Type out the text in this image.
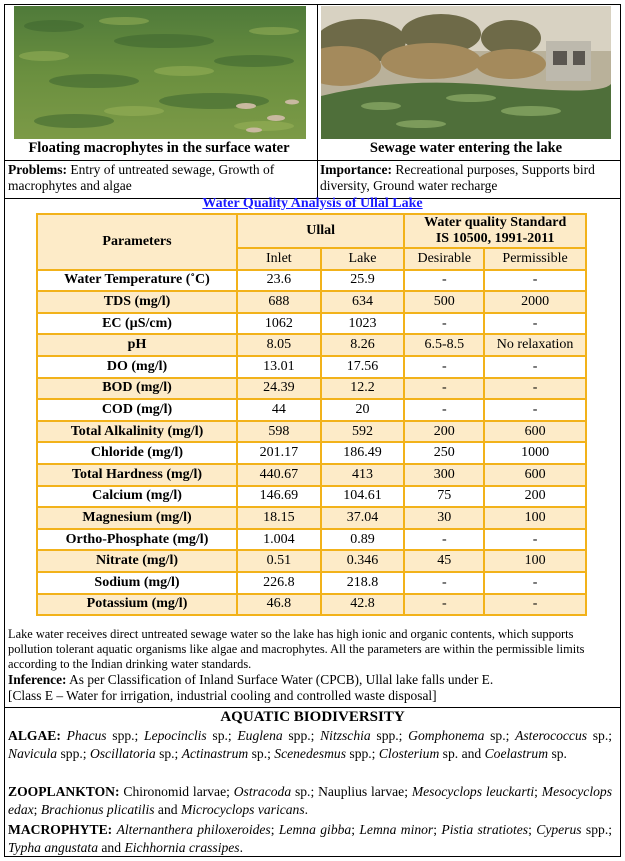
Floating macrophytes in the surface water	Sewage water entering the lake
Problems: Entry of untreated sewage, Growth of macrophytes and algae
Importance: Recreational purposes, Supports bird diversity, Ground water recharge
Water Quality Analysis of Ullal Lake
Parameters	Ullal		Water quality Standard
IS 10500, 1991-2011	

	Inlet	Lake	Desirable	Permissible
Water Temperature (˚C)	23.6	25.9	-	-
TDS (mg/l)	688	634	500	2000
EC (µS/cm)	1062	1023	-	-
pH	8.05	8.26	6.5-8.5	No relaxation
DO (mg/l)	13.01	17.56	-	-
BOD (mg/l)	24.39	12.2	-	-
COD (mg/l)	44	20	-	-
Total Alkalinity (mg/l)	598	592	200	600
Chloride (mg/l)	201.17	186.49	250	1000
Total Hardness (mg/l)	440.67	413	300	600
Calcium (mg/l)	146.69	104.61	75	200
Magnesium (mg/l)	18.15	37.04	30	100
Ortho-Phosphate (mg/l)	1.004	0.89	-	-
Nitrate (mg/l)	0.51	0.346	45	100
Sodium (mg/l)	226.8	218.8	-	-
Potassium (mg/l)	46.8	42.8	-	-
Lake water receives direct untreated sewage water so the lake has high ionic and organic contents, which supports pollution tolerant aquatic organisms like algae and macrophytes. All the parameters are within the permissible limits according to the Indian drinking water standards.
Inference: As per Classification of Inland Surface Water (CPCB), Ullal lake falls under E.
[Class E – Water for irrigation, industrial cooling and controlled waste disposal]
AQUATIC BIODIVERSITY
ALGAE: Phacus spp.; Lepocinclis sp.; Euglena spp.; Nitzschia spp.; Gomphonema sp.; Asterococcus sp.; Navicula spp.; Oscillatoria sp.; Actinastrum sp.; Scenedesmus spp.; Closterium sp. and Coelastrum sp.
ZOOPLANKTON: Chironomid larvae; Ostracoda sp.; Nauplius larvae; Mesocyclops leuckarti; Mesocyclops edax; Brachionus plicatilis and Microcyclops varicans.
MACROPHYTE: Alternanthera philoxeroides; Lemna gibba; Lemna minor; Pistia stratiotes; Cyperus spp.; Typha angustata and Eichhornia crassipes.
